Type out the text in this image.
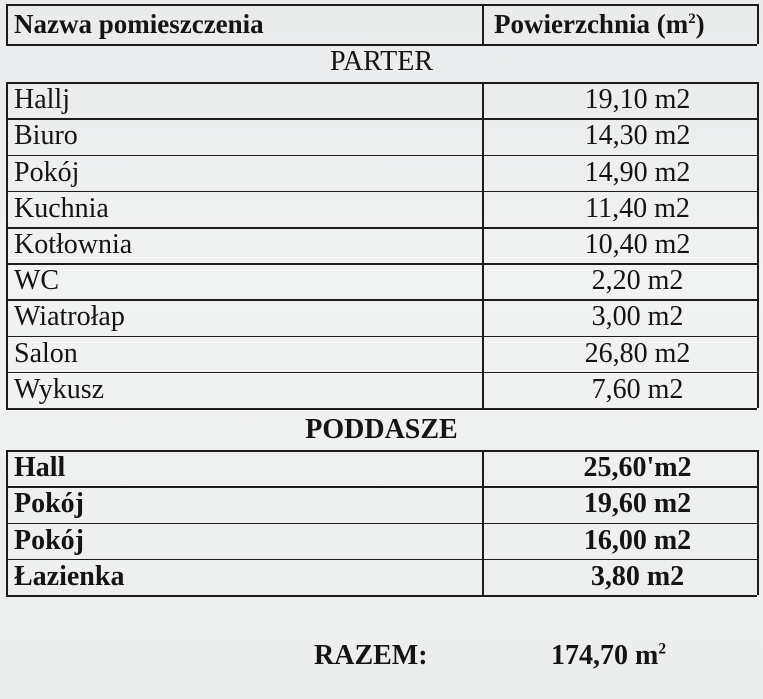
Nazwa pomieszczenia	Powierzchnia $(m^2)$
PARTER
Hallj	19,10 m2
Biuro	14,30 m2
Pokój	14,90 m2
Kuchnia	11,40 m2
Kotłownia	10,40 m2
WC	2,20 m2
Wiatrołap	3,00 m2
Salon	26,80 m2
Wykusz	7,60 m2
PODDASZE
Hall	25,60'm2
Pokój	19,60 m2
Pokój	16,00 m2
Łazienka	3,80 m2
RAZEM:	174,70 $m^2$
